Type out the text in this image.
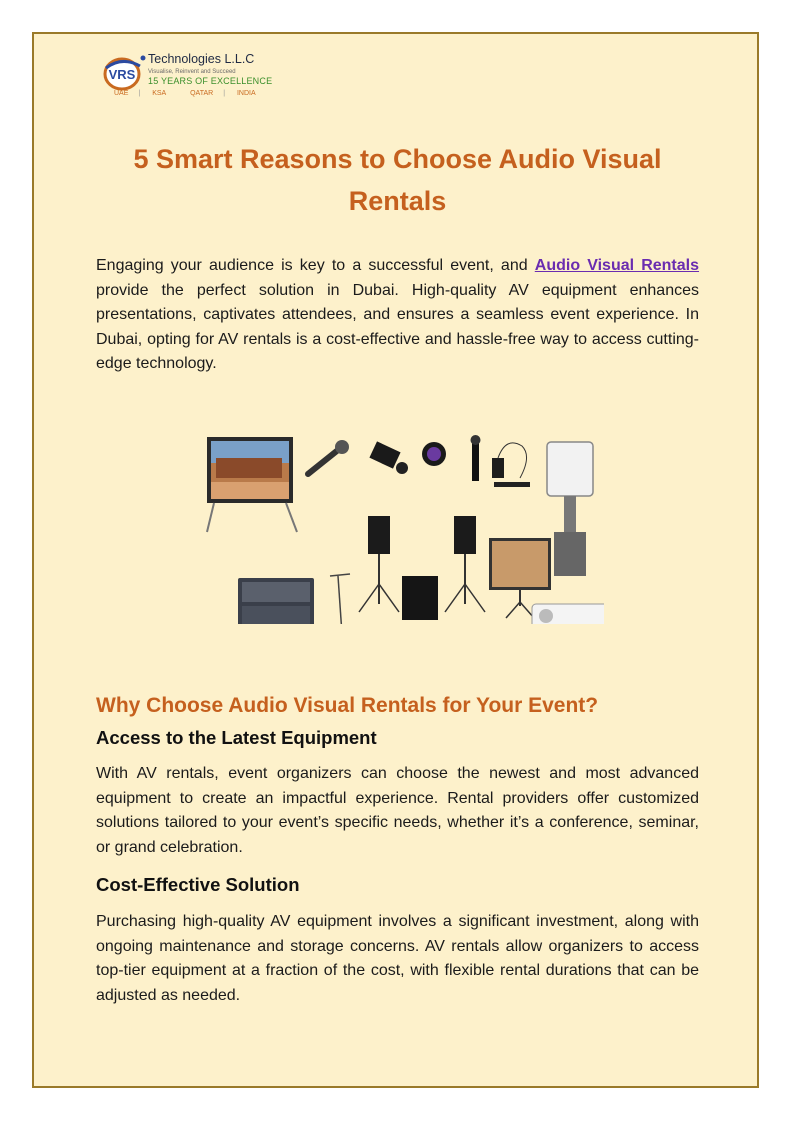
VRS
Technologies L.L.C
Visualise, Reinvent and Succeed
15 YEARS OF EXCELLENCE
UAE | KSA	QATAR | INDIA
5 Smart Reasons to Choose Audio Visual Rentals

Engaging your audience is key to a successful event, and Audio Visual Rentals provide the perfect solution in Dubai. High-quality AV equipment enhances presentations, captivates attendees, and ensures a seamless event experience. In Dubai, opting for AV rentals is a cost-effective and hassle-free way to access cutting-edge technology.

Why Choose Audio Visual Rentals for Your Event?
Access to the Latest Equipment

With AV rentals, event organizers can choose the newest and most advanced equipment to create an impactful experience. Rental providers offer customized solutions tailored to your event’s specific needs, whether it’s a conference, seminar, or grand celebration.

Cost-Effective Solution

Purchasing high-quality AV equipment involves a significant investment, along with ongoing maintenance and storage concerns. AV rentals allow organizers to access top-tier equipment at a fraction of the cost, with flexible rental durations that can be adjusted as needed.
